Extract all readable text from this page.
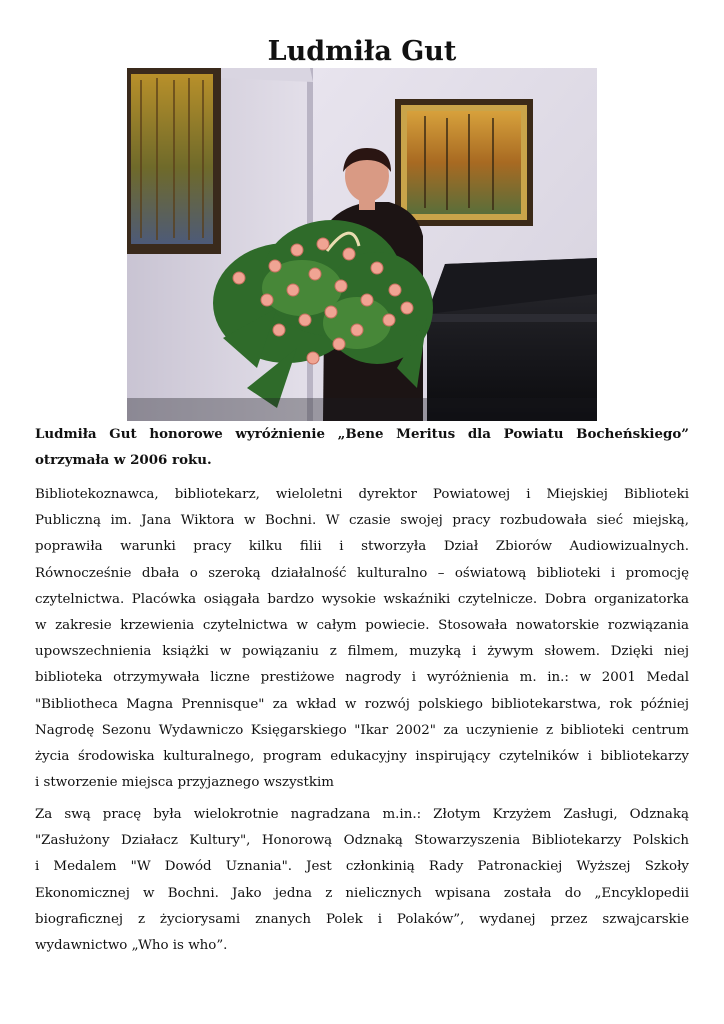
Ludmiła Gut

Ludmiła Gut honorowe wyróżnienie „Bene Meritus dla Powiatu Bocheńskiego”
otrzymała w 2006 roku.

Bibliotekoznawca, bibliotekarz, wieloletni dyrektor Powiatowej i Miejskiej Biblioteki
Publiczną im. Jana Wiktora w Bochni. W czasie swojej pracy rozbudowała sieć miejską,
poprawiła warunki pracy kilku filii i stworzyła Dział Zbiorów Audiowizualnych.
Równocześnie dbała o szeroką działalność kulturalno – oświatową biblioteki i promocję
czytelnictwa. Placówka osiągała bardzo wysokie wskaźniki czytelnicze. Dobra organizatorka
w zakresie krzewienia czytelnictwa w całym powiecie. Stosowała nowatorskie rozwiązania
upowszechnienia książki w powiązaniu z filmem, muzyką i żywym słowem. Dzięki niej
biblioteka otrzymywała liczne prestiżowe nagrody i wyróżnienia m. in.: w 2001 Medal
"Bibliotheca Magna Prennisque" za wkład w rozwój polskiego bibliotekarstwa, rok później
Nagrodę Sezonu Wydawniczo Księgarskiego "Ikar 2002" za uczynienie z biblioteki centrum
życia środowiska kulturalnego, program edukacyjny inspirujący czytelników i bibliotekarzy
i stworzenie miejsca przyjaznego wszystkim
Za swą pracę była wielokrotnie nagradzana m.in.: Złotym Krzyżem Zasługi, Odznaką
"Zasłużony Działacz Kultury", Honorową Odznaką Stowarzyszenia Bibliotekarzy Polskich
i Medalem "W Dowód Uznania". Jest członkinią Rady Patronackiej Wyższej Szkoły
Ekonomicznej w Bochni. Jako jedna z nielicznych wpisana została do „Encyklopedii
biograficznej z życiorysami znanych Polek i Polaków”, wydanej przez szwajcarskie
wydawnictwo „Who is who”.
